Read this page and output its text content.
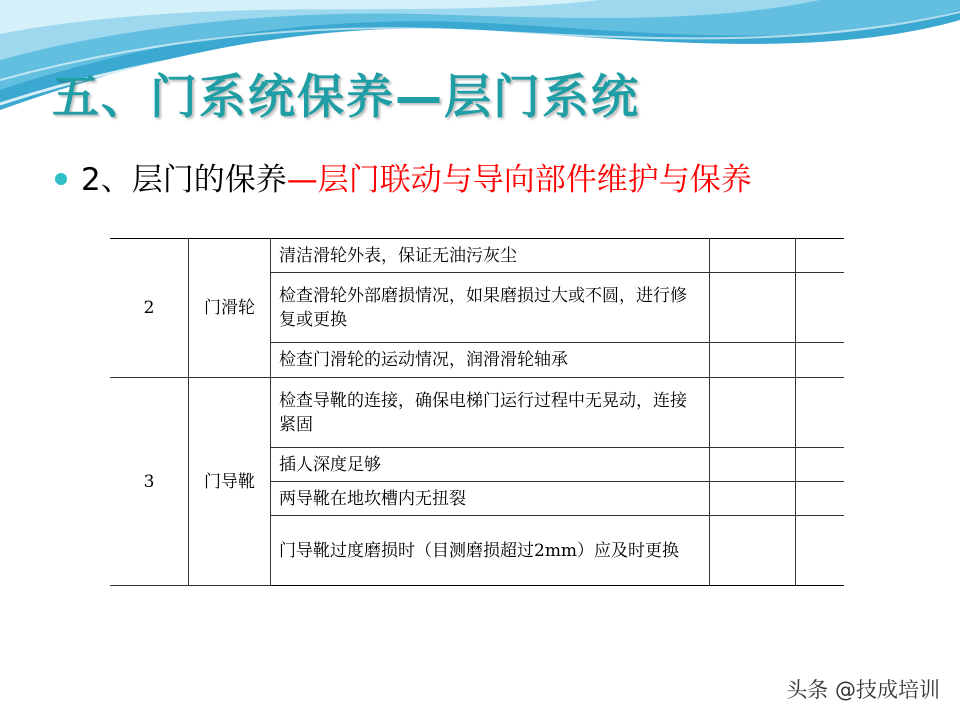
五、门系统保养—层门系统
2、层门的保养—层门联动与导向部件维护与保养
2	门滑轮	清洁滑轮外表，保证无油污灰尘		
		检查滑轮外部磨损情况，如果磨损过大或不圆，进行修复或更换		
		检查门滑轮的运动情况，润滑滑轮轴承		
3	门导靴	检查导靴的连接，确保电梯门运行过程中无晃动，连接紧固		
		插人深度足够		
		两导靴在地坎槽内无扭裂		
		门导靴过度磨损时（目测磨损超过2mm）应及时更换		
头条 @技成培训
